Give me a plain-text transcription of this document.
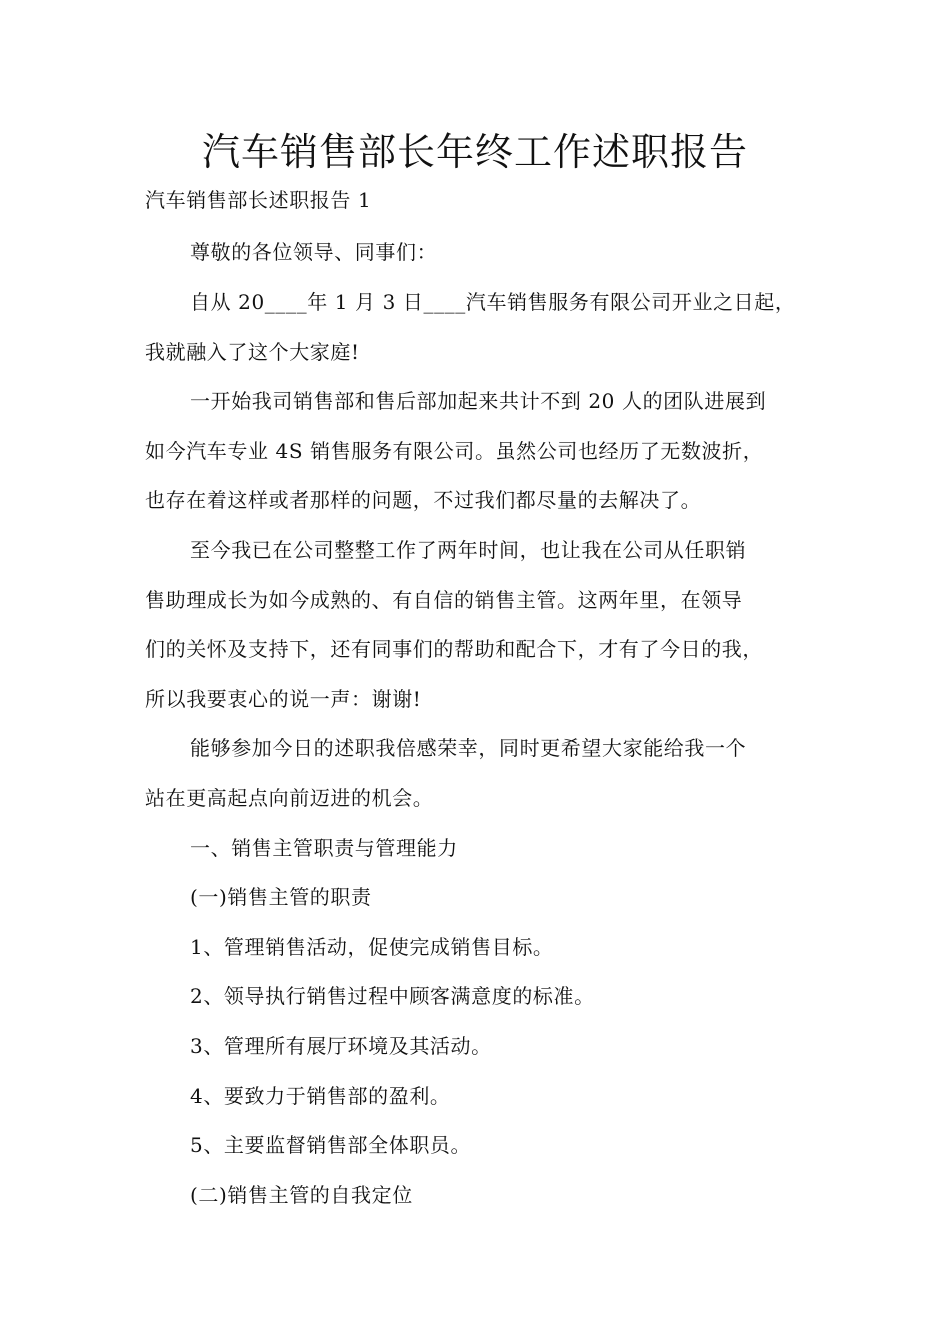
汽车销售部长年终工作述职报告

汽车销售部长述职报告 1

尊敬的各位领导、同事们：

自从 20____年 1 月 3 日____汽车销售服务有限公司开业之日起，

我就融入了这个大家庭!

一开始我司销售部和售后部加起来共计不到 20 人的团队进展到

如今汽车专业 4S 销售服务有限公司。虽然公司也经历了无数波折，

也存在着这样或者那样的问题，不过我们都尽量的去解决了。

至今我已在公司整整工作了两年时间，也让我在公司从任职销

售助理成长为如今成熟的、有自信的销售主管。这两年里，在领导

们的关怀及支持下，还有同事们的帮助和配合下，才有了今日的我，

所以我要衷心的说一声：谢谢!

能够参加今日的述职我倍感荣幸，同时更希望大家能给我一个

站在更高起点向前迈进的机会。

一、销售主管职责与管理能力

(一)销售主管的职责

1、管理销售活动，促使完成销售目标。

2、领导执行销售过程中顾客满意度的标准。

3、管理所有展厅环境及其活动。

4、要致力于销售部的盈利。

5、主要监督销售部全体职员。

(二)销售主管的自我定位
